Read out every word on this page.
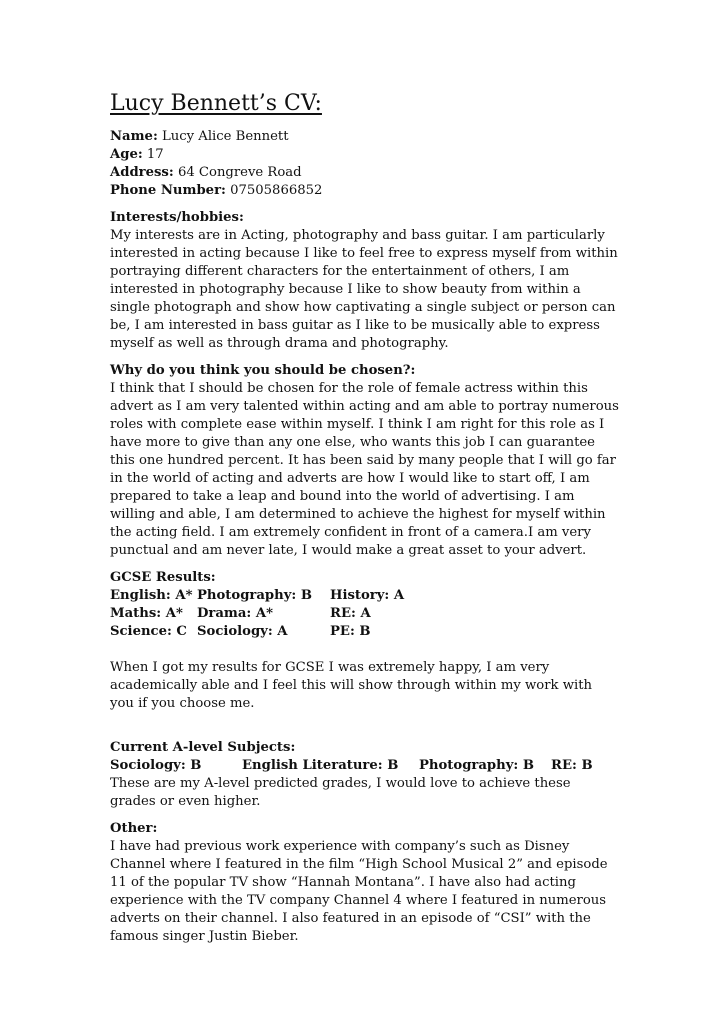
Lucy Bennett’s CV:

Name: Lucy Alice Bennett

Age: 17

Address: 64 Congreve Road

Phone Number: 07505866852

Interests/hobbies:

My interests are in Acting, photography and bass guitar. I am particularly interested in acting because I like to feel free to express myself from within portraying different characters for the entertainment of others, I am interested in photography because I like to show beauty from within a single photograph and show how captivating a single subject or person can be, I am interested in bass guitar as I like to be musically able to express myself as well as through drama and photography.

Why do you think you should be chosen?:

I think that I should be chosen for the role of female actress within this advert as I am very talented within acting and am able to portray numerous roles with complete ease within myself. I think I am right for this role as I have more to give than any one else, who wants this job I can guarantee this one hundred percent. It has been said by many people that I will go far in the world of acting and adverts are how I would like to start off, I am prepared to take a leap and bound into the world of advertising. I am willing and able, I am determined to achieve the highest for myself within the acting field. I am extremely confident in front of a camera.I am very punctual and am never late, I would make a great asset to your advert.

GCSE Results:

English: A* Photography: B	History: A
Maths: A*	Drama: A*	RE: A
Science: C Sociology: A	PE: B

When I got my results for GCSE I was extremely happy, I am very academically able and I feel this will show through within my work with you if you choose me.

Current A-level Subjects:

Sociology: B	English Literature: B	Photography: B	RE: B

These are my A-level predicted grades, I would love to achieve these grades or even higher.

Other:

I have had previous work experience with company’s such as Disney Channel where I featured in the film “High School Musical 2” and episode 11 of the popular TV show “Hannah Montana”. I have also had acting experience with the TV company Channel 4 where I featured in numerous adverts on their channel. I also featured in an episode of “CSI” with the famous singer Justin Bieber.
